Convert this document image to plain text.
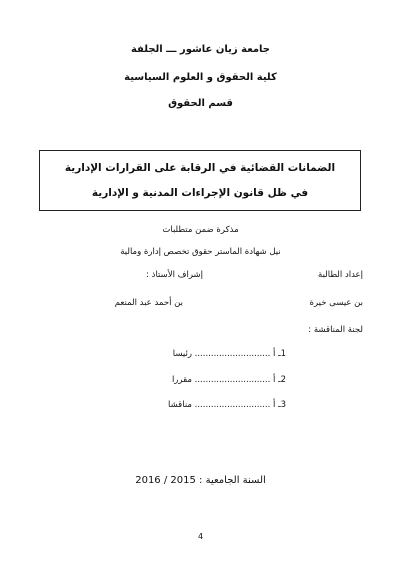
جامعة زيان عاشور ـــ الجلفة
كلية الحقوق و العلوم السياسية
قسم الحقوق
الضمانات القضائية في الرقابة على القرارات الإدارية
في ظل قانون الإجراءات المدنية و الإدارية
مذكرة ضمن متطلبات
نيل شهادة الماستر حقوق تخصص إدارة ومالية
إعداد الطالبة
إشراف الأستاذ :
بن عيسى خيرة
بن أحمد عبد المنعم
لجنة المناقشة :
1ـ أ ............................ رئيسا
2ـ أ ............................ مقررا
3ـ أ ............................ مناقشا
السنة الجامعية : 2015 / 2016
4
